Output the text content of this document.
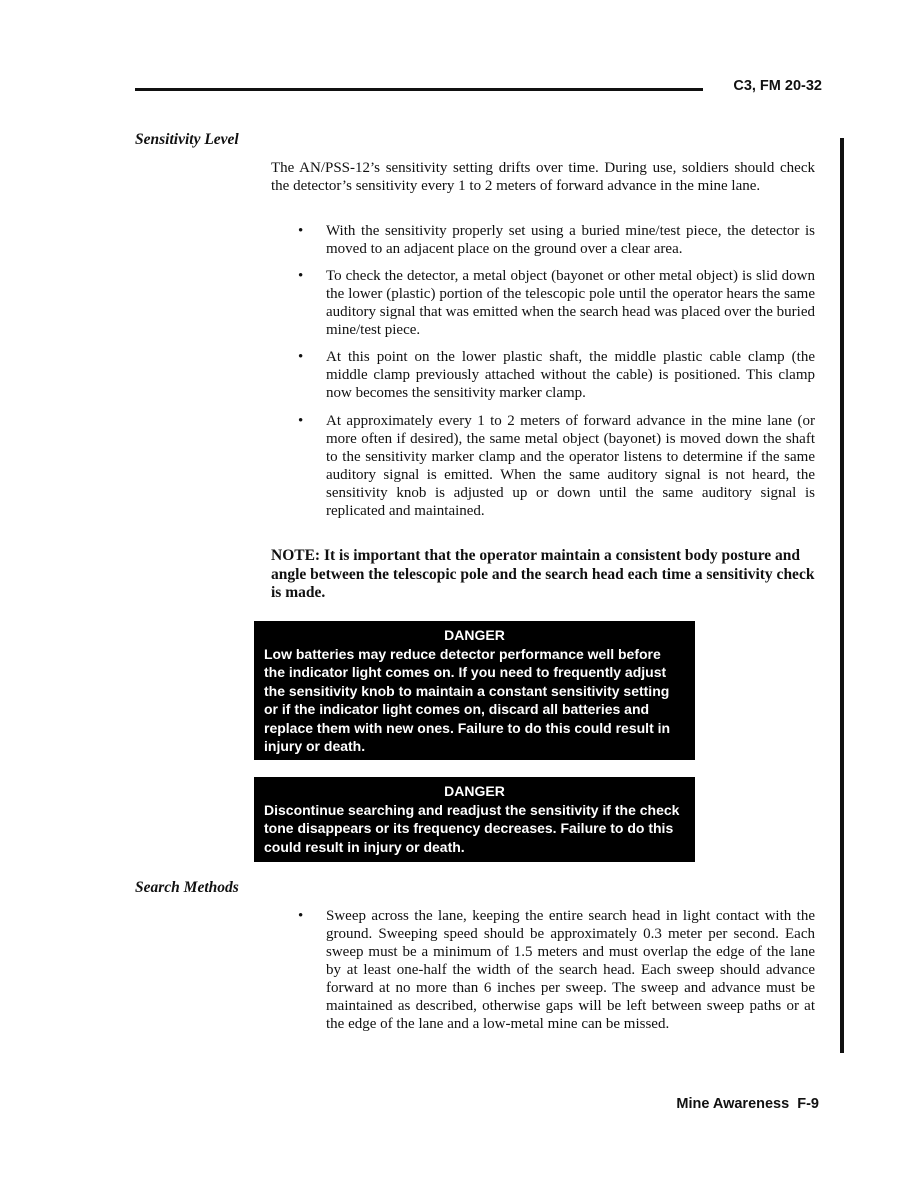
C3, FM 20-32
Sensitivity Level
The AN/PSS-12’s sensitivity setting drifts over time. During use, soldiers should check the detector’s sensitivity every 1 to 2 meters of forward advance in the mine lane.
• With the sensitivity properly set using a buried mine/test piece, the detector is moved to an adjacent place on the ground over a clear area.
• To check the detector, a metal object (bayonet or other metal object) is slid down the lower (plastic) portion of the telescopic pole until the operator hears the same auditory signal that was emitted when the search head was placed over the buried mine/test piece.
• At this point on the lower plastic shaft, the middle plastic cable clamp (the middle clamp previously attached without the cable) is positioned. This clamp now becomes the sensitivity marker clamp.
• At approximately every 1 to 2 meters of forward advance in the mine lane (or more often if desired), the same metal object (bayonet) is moved down the shaft to the sensitivity marker clamp and the operator listens to determine if the same auditory signal is emitted. When the same auditory signal is not heard, the sensitivity knob is adjusted up or down until the same auditory signal is replicated and maintained.
NOTE: It is important that the operator maintain a consistent body posture and angle between the telescopic pole and the search head each time a sensitivity check is made.
DANGER
Low batteries may reduce detector performance well before the indicator light comes on. If you need to frequently adjust the sensitivity knob to maintain a constant sensitivity setting or if the indicator light comes on, discard all batteries and replace them with new ones. Failure to do this could result in injury or death.
DANGER
Discontinue searching and readjust the sensitivity if the check tone disappears or its frequency decreases. Failure to do this could result in injury or death.
Search Methods
• Sweep across the lane, keeping the entire search head in light contact with the ground. Sweeping speed should be approximately 0.3 meter per second. Each sweep must be a minimum of 1.5 meters and must overlap the edge of the lane by at least one-half the width of the search head. Each sweep should advance forward at no more than 6 inches per sweep. The sweep and advance must be maintained as described, otherwise gaps will be left between sweep paths or at the edge of the lane and a low-metal mine can be missed.
Mine Awareness  F-9
